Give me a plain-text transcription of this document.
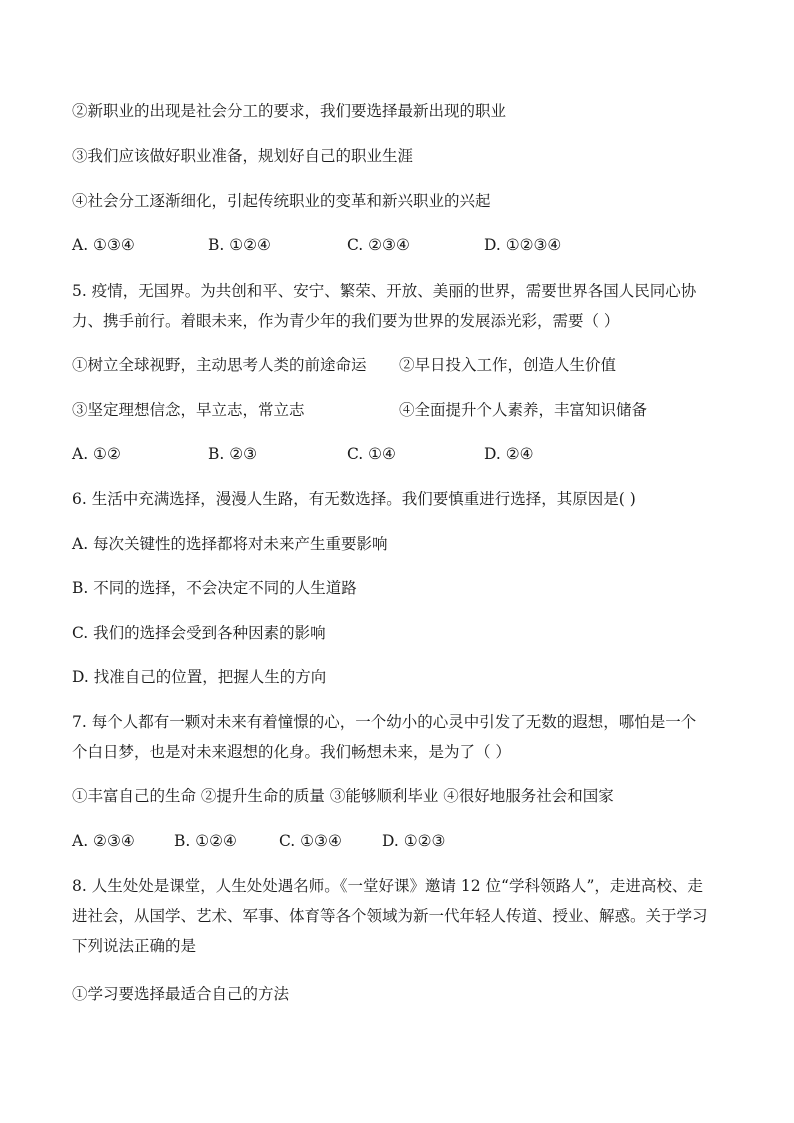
②新职业的出现是社会分工的要求，我们要选择最新出现的职业
③我们应该做好职业准备，规划好自己的职业生涯
④社会分工逐渐细化，引起传统职业的变革和新兴职业的兴起
A. ①③④	B. ①②④	C. ②③④	D. ①②③④
5. 疫情，无国界。为共创和平、安宁、繁荣、开放、美丽的世界，需要世界各国人民同心协
力、携手前行。着眼未来，作为青少年的我们要为世界的发展添光彩，需要（ ）
①树立全球视野，主动思考人类的前途命运 ②早日投入工作，创造人生价值
③坚定理想信念，早立志，常立志	④全面提升个人素养，丰富知识储备
A. ①②	B. ②③	C. ①④	D. ②④
6. 生活中充满选择，漫漫人生路，有无数选择。我们要慎重进行选择，其原因是( )
A. 每次关键性的选择都将对未来产生重要影响
B. 不同的选择，不会决定不同的人生道路
C. 我们的选择会受到各种因素的影响
D. 找准自己的位置，把握人生的方向
7. 每个人都有一颗对未来有着憧憬的心，一个幼小的心灵中引发了无数的遐想，哪怕是一个
个白日梦，也是对未来遐想的化身。我们畅想未来，是为了（ ）
①丰富自己的生命 ②提升生命的质量 ③能够顺利毕业 ④很好地服务社会和国家
A. ②③④	B. ①②④	C. ①③④	D. ①②③
8. 人生处处是课堂，人生处处遇名师。《一堂好课》邀请 12 位“学科领路人”，走进高校、走
进社会，从国学、艺术、军事、体育等各个领域为新一代年轻人传道、授业、解惑。关于学习
下列说法正确的是
①学习要选择最适合自己的方法
